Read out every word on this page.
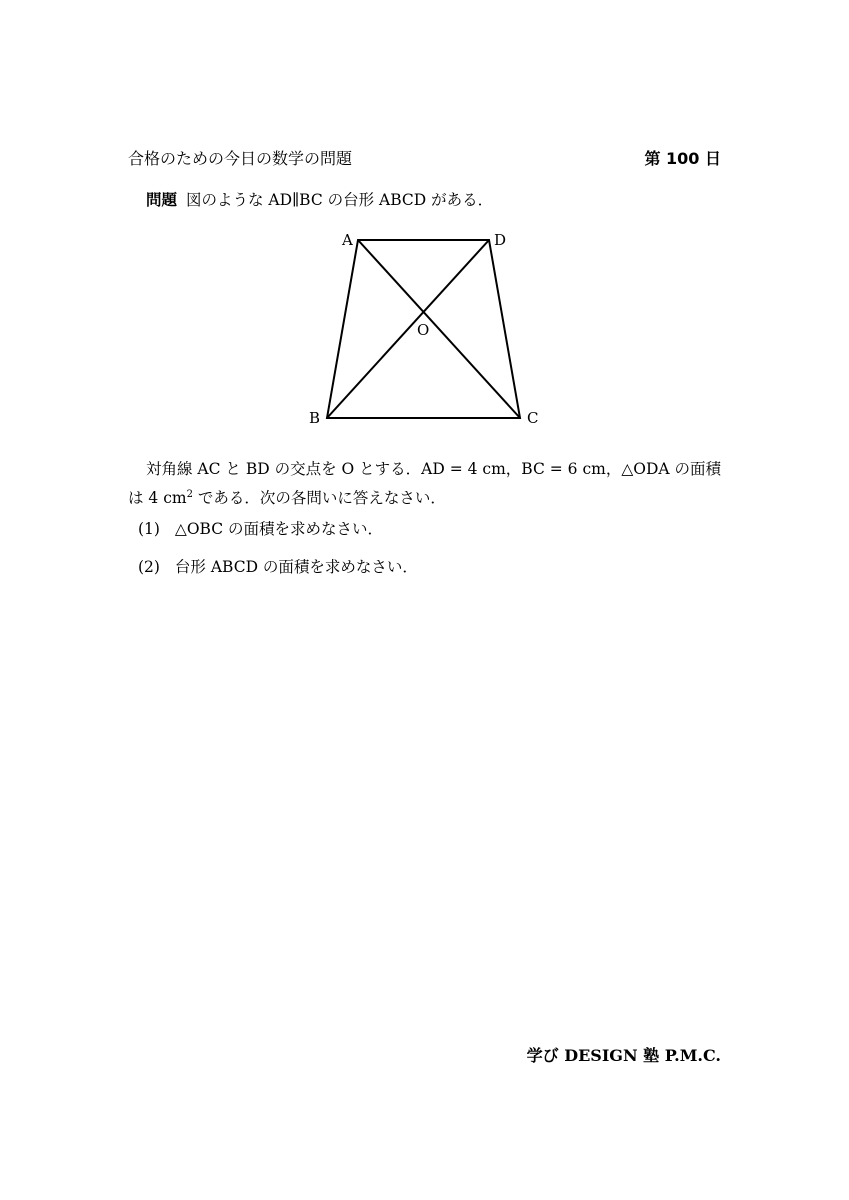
合格のための今日の数学の問題	第 100 日
問題 図のような AD∥BC の台形 ABCD がある．
A	D
B	C
O
対角線 AC と BD の交点を O とする．AD = 4 cm，BC = 6 cm，△ODA の面積
は 4 $cm^2$ である．次の各問いに答えなさい．
(1) △OBC の面積を求めなさい．
(2) 台形 ABCD の面積を求めなさい．
学び DESIGN 塾 P.M.C.
